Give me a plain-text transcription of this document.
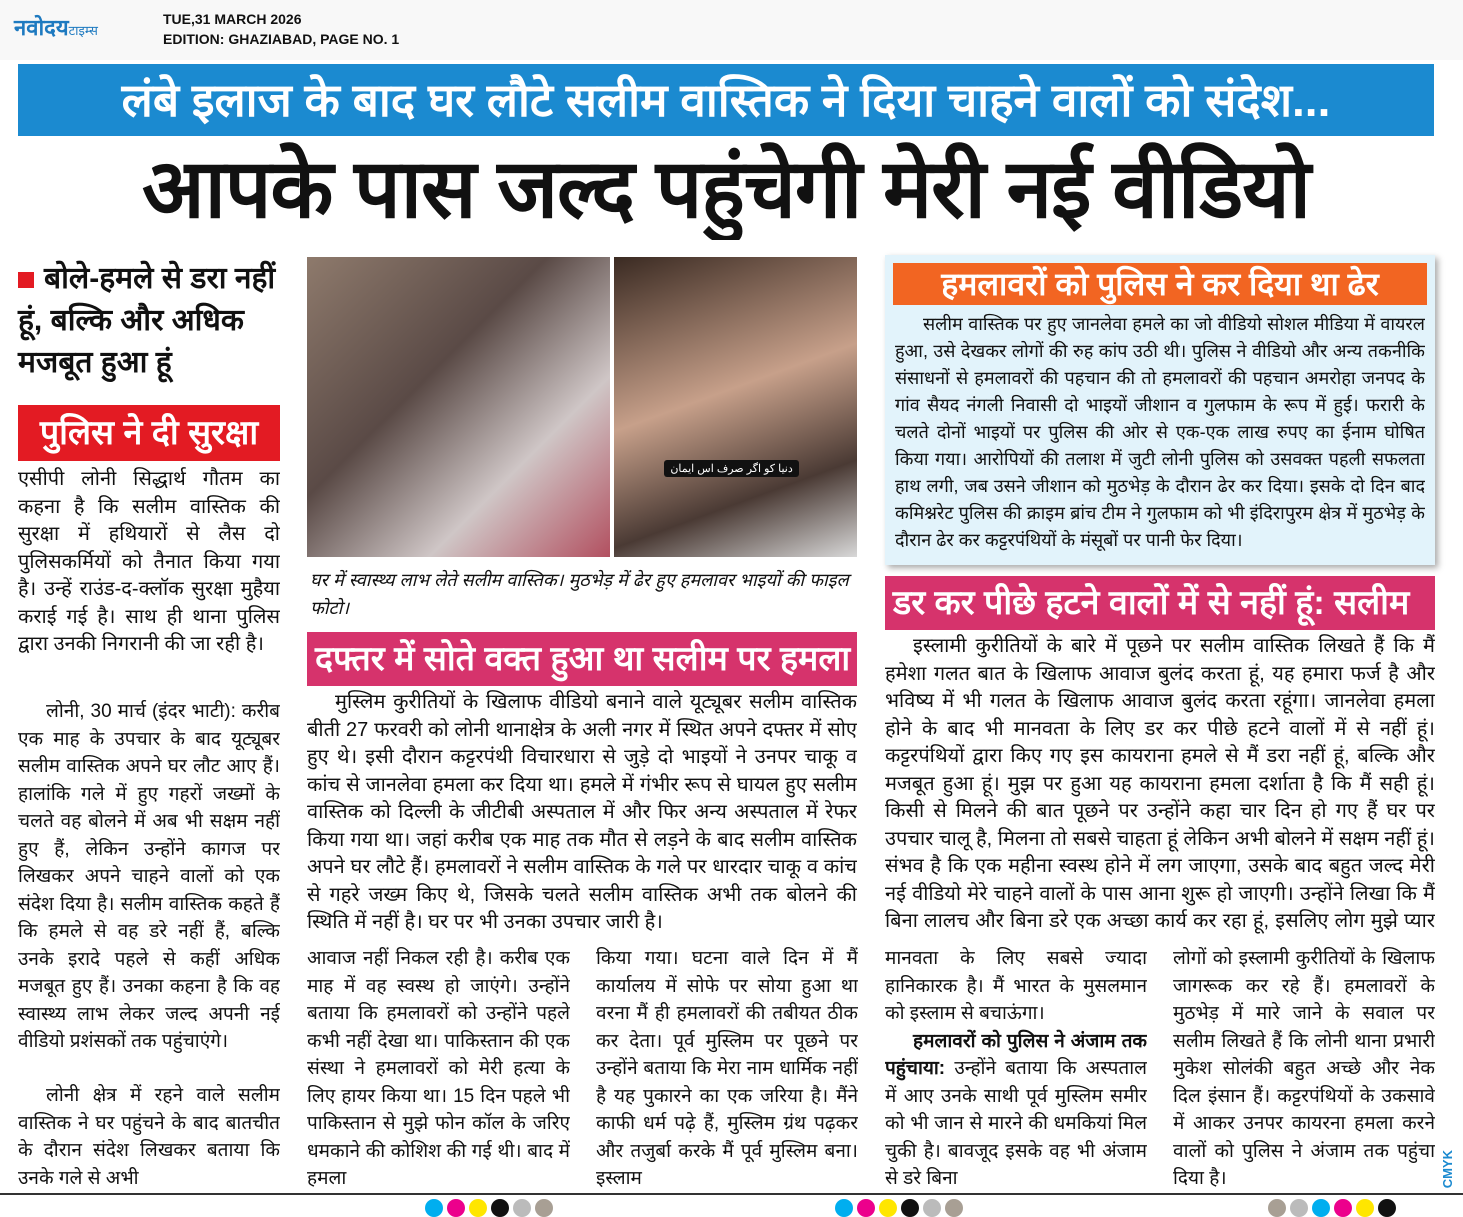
नवोदयटाइम्स
TUE,31 MARCH 2026
EDITION: GHAZIABAD, PAGE NO. 1
लंबे इलाज के बाद घर लौटे सलीम वास्तिक ने दिया चाहने वालों को संदेश...
आपके पास जल्द पहुंचेगी मेरी नई वीडियो
बोले-हमले से डरा नहीं हूं, बल्कि और अधिक मजबूत हुआ हूं
पुलिस ने दी सुरक्षा
एसीपी लोनी सिद्धार्थ गौतम का कहना है कि सलीम वास्तिक की सुरक्षा में हथियारों से लैस दो पुलिसकर्मियों को तैनात किया गया है। उन्हें राउंड-द-क्लॉक सुरक्षा मुहैया कराई गई है। साथ ही थाना पुलिस द्वारा उनकी निगरानी की जा रही है।
लोनी, 30 मार्च (इंदर भाटी): करीब एक माह के उपचार के बाद यूट्यूबर सलीम वास्तिक अपने घर लौट आए हैं। हालांकि गले में हुए गहरों जख्मों के चलते वह बोलने में अब भी सक्षम नहीं हुए हैं, लेकिन उन्होंने कागज पर लिखकर अपने चाहने वालों को एक संदेश दिया है। सलीम वास्तिक कहते हैं कि हमले से वह डरे नहीं हैं, बल्कि उनके इरादे पहले से कहीं अधिक मजबूत हुए हैं। उनका कहना है कि वह स्वास्थ्य लाभ लेकर जल्द अपनी नई वीडियो प्रशंसकों तक पहुंचाएंगे।
लोनी क्षेत्र में रहने वाले सलीम वास्तिक ने घर पहुंचने के बाद बातचीत के दौरान संदेश लिखकर बताया कि उनके गले से अभी
دنیا کو اگر صرف اس ایمان
घर में स्वास्थ्य लाभ लेते सलीम वास्तिक। मुठभेड़ में ढेर हुए हमलावर भाइयों की फाइल फोटो।
दफ्तर में सोते वक्त हुआ था सलीम पर हमला
मुस्लिम कुरीतियों के खिलाफ वीडियो बनाने वाले यूट्यूबर सलीम वास्तिक बीती 27 फरवरी को लोनी थानाक्षेत्र के अली नगर में स्थित अपने दफ्तर में सोए हुए थे। इसी दौरान कट्टरपंथी विचारधारा से जुड़े दो भाइयों ने उनपर चाकू व कांच से जानलेवा हमला कर दिया था। हमले में गंभीर रूप से घायल हुए सलीम वास्तिक को दिल्ली के जीटीबी अस्पताल में और फिर अन्य अस्पताल में रेफर किया गया था। जहां करीब एक माह तक मौत से लड़ने के बाद सलीम वास्तिक अपने घर लौटे हैं। हमलावरों ने सलीम वास्तिक के गले पर धारदार चाकू व कांच से गहरे जख्म किए थे, जिसके चलते सलीम वास्तिक अभी तक बोलने की स्थिति में नहीं है। घर पर भी उनका उपचार जारी है।
हमलावरों को पुलिस ने कर दिया था ढेर
सलीम वास्तिक पर हुए जानलेवा हमले का जो वीडियो सोशल मीडिया में वायरल हुआ, उसे देखकर लोगों की रुह कांप उठी थी। पुलिस ने वीडियो और अन्य तकनीकि संसाधनों से हमलावरों की पहचान की तो हमलावरों की पहचान अमरोहा जनपद के गांव सैयद नंगली निवासी दो भाइयों जीशान व गुलफाम के रूप में हुई। फरारी के चलते दोनों भाइयों पर पुलिस की ओर से एक-एक लाख रुपए का ईनाम घोषित किया गया। आरोपियों की तलाश में जुटी लोनी पुलिस को उसवक्त पहली सफलता हाथ लगी, जब उसने जीशान को मुठभेड़ के दौरान ढेर कर दिया। इसके दो दिन बाद कमिश्नरेट पुलिस की क्राइम ब्रांच टीम ने गुलफाम को भी इंदिरापुरम क्षेत्र में मुठभेड़ के दौरान ढेर कर कट्टरपंथियों के मंसूबों पर पानी फेर दिया।
डर कर पीछे हटने वालों में से नहीं हूं: सलीम
इस्लामी कुरीतियों के बारे में पूछने पर सलीम वास्तिक लिखते हैं कि मैं हमेशा गलत बात के खिलाफ आवाज बुलंद करता हूं, यह हमारा फर्ज है और भविष्य में भी गलत के खिलाफ आवाज बुलंद करता रहूंगा। जानलेवा हमला होने के बाद भी मानवता के लिए डर कर पीछे हटने वालों में से नहीं हूं। कट्टरपंथियों द्वारा किए गए इस कायराना हमले से मैं डरा नहीं हूं, बल्कि और मजबूत हुआ हूं। मुझ पर हुआ यह कायराना हमला दर्शाता है कि मैं सही हूं। किसी से मिलने की बात पूछने पर उन्होंने कहा चार दिन हो गए हैं घर पर उपचार चालू है, मिलना तो सबसे चाहता हूं लेकिन अभी बोलने में सक्षम नहीं हूं। संभव है कि एक महीना स्वस्थ होने में लग जाएगा, उसके बाद बहुत जल्द मेरी नई वीडियो मेरे चाहने वालों के पास आना शुरू हो जाएगी। उन्होंने लिखा कि मैं बिना लालच और बिना डरे एक अच्छा कार्य कर रहा हूं, इसलिए लोग मुझे प्यार
आवाज नहीं निकल रही है। करीब एक माह में वह स्वस्थ हो जाएंगे। उन्होंने बताया कि हमलावरों को उन्होंने पहले कभी नहीं देखा था। पाकिस्तान की एक संस्था ने हमलावरों को मेरी हत्या के लिए हायर किया था। 15 दिन पहले भी पाकिस्तान से मुझे फोन कॉल के जरिए धमकाने की कोशिश की गई थी। बाद में हमला
किया गया। घटना वाले दिन में मैं कार्यालय में सोफे पर सोया हुआ था वरना मैं ही हमलावरों की तबीयत ठीक कर देता। पूर्व मुस्लिम पर पूछने पर उन्होंने बताया कि मेरा नाम धार्मिक नहीं है यह पुकारने का एक जरिया है। मैंने काफी धर्म पढ़े हैं, मुस्लिम ग्रंथ पढ़कर और तजुर्बा करके मैं पूर्व मुस्लिम बना। इस्लाम
मानवता के लिए सबसे ज्यादा हानिकारक है। मैं भारत के मुसलमान को इस्लाम से बचाऊंगा।
हमलावरों को पुलिस ने अंजाम तक पहुंचाया: उन्होंने बताया कि अस्पताल में आए उनके साथी पूर्व मुस्लिम समीर को भी जान से मारने की धमकियां मिल चुकी है। बावजूद इसके वह भी अंजाम से डरे बिना
लोगों को इस्लामी कुरीतियों के खिलाफ जागरूक कर रहे हैं। हमलावरों के मुठभेड़ में मारे जाने के सवाल पर सलीम लिखते हैं कि लोनी थाना प्रभारी मुकेश सोलंकी बहुत अच्छे और नेक दिल इंसान हैं। कट्टरपंथियों के उकसावे में आकर उनपर कायरना हमला करने वालों को पुलिस ने अंजाम तक पहुंचा दिया है।	CMYK
